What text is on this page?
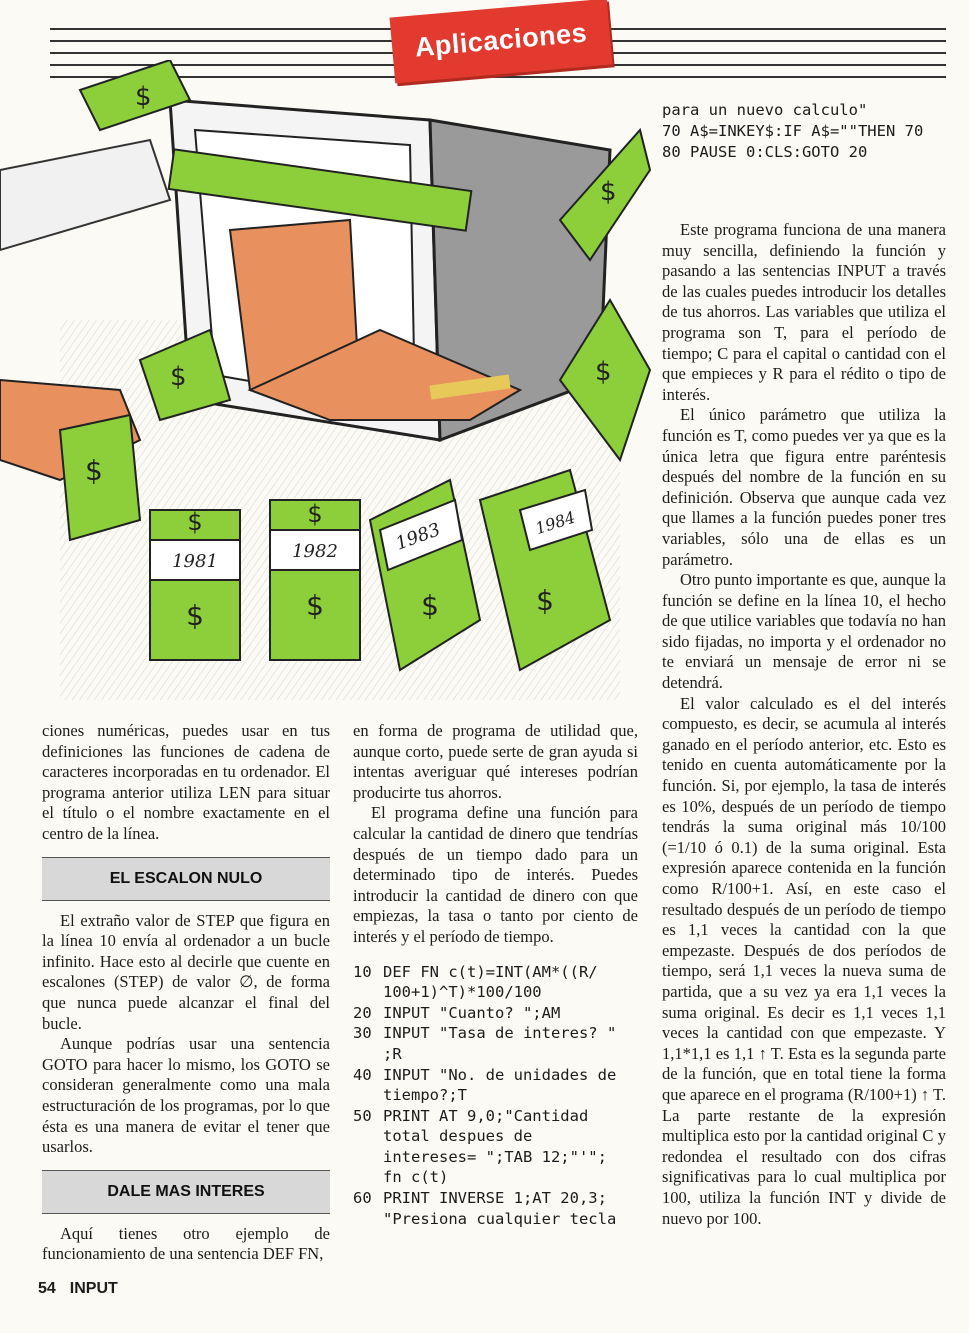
Aplicaciones
$
$
$
$
$
$
1981
$
$
1982
$
1983
$
1984
$
para un nuevo calculo"
70 A$=INKEY$:IF A$=""THEN 70
80 PAUSE 0:CLS:GOTO 20

ciones numéricas, puedes usar en tus definiciones las funciones de cadena de caracteres incorporadas en tu ordenador. El programa anterior utiliza LEN para situar el título o el nombre exactamente en el centro de la línea.

EL ESCALON NULO

El extraño valor de STEP que figura en la línea 10 envía al ordenador a un bucle infinito. Hace esto al decirle que cuente en escalones (STEP) de valor ∅, de forma que nunca puede alcanzar el final del bucle.

Aunque podrías usar una sentencia GOTO para hacer lo mismo, los GOTO se consideran generalmente como una mala estructuración de los programas, por lo que ésta es una manera de evitar el tener que usarlos.

DALE MAS INTERES

Aquí tienes otro ejemplo de funcionamiento de una sentencia DEF FN,

en forma de programa de utilidad que, aunque corto, puede serte de gran ayuda si intentas averiguar qué intereses podrían producirte tus ahorros.

El programa define una función para calcular la cantidad de dinero que tendrías después de un tiempo dado para un determinado tipo de interés. Puedes introducir la cantidad de dinero con que empiezas, la tasa o tanto por ciento de interés y el período de tiempo.

10 DEF FN c(t)=INT(AM*((R/
100+1)^T)*100/100
20 INPUT "Cuanto? ";AM
30 INPUT "Tasa de interes? "
;R
40 INPUT "No. de unidades de
tiempo?;T
50 PRINT AT 9,0;"Cantidad
total despues de
intereses= ";TAB 12;"'";
fn c(t)
60 PRINT INVERSE 1;AT 20,3;
"Presiona cualquier tecla

Este programa funciona de una manera muy sencilla, definiendo la función y pasando a las sentencias INPUT a través de las cuales puedes introducir los detalles de tus ahorros. Las variables que utiliza el programa son T, para el período de tiempo; C para el capital o cantidad con el que empieces y R para el rédito o tipo de interés.

El único parámetro que utiliza la función es T, como puedes ver ya que es la única letra que figura entre paréntesis después del nombre de la función en su definición. Observa que aunque cada vez que llames a la función puedes poner tres variables, sólo una de ellas es un parámetro.

Otro punto importante es que, aunque la función se define en la línea 10, el hecho de que utilice variables que todavía no han sido fijadas, no importa y el ordenador no te enviará un mensaje de error ni se detendrá.

El valor calculado es el del interés compuesto, es decir, se acumula al interés ganado en el período anterior, etc. Esto es tenido en cuenta automáticamente por la función. Si, por ejemplo, la tasa de interés es 10%, después de un período de tiempo tendrás la suma original más 10/100 (=1/10 ó 0.1) de la suma original. Esta expresión aparece contenida en la función como R/100+1. Así, en este caso el resultado después de un período de tiempo es 1,1 veces la cantidad con la que empezaste. Después de dos períodos de tiempo, será 1,1 veces la nueva suma de partida, que a su vez ya era 1,1 veces la suma original. Es decir es 1,1 veces 1,1 veces la cantidad con que empezaste. Y 1,1*1,1 es 1,1 ↑ T. Esta es la segunda parte de la función, que en total tiene la forma que aparece en el programa (R/100+1) ↑ T. La parte restante de la expresión multiplica esto por la cantidad original C y redondea el resultado con dos cifras significativas para lo cual multiplica por 100, utiliza la función INT y divide de nuevo por 100.

54 INPUT
